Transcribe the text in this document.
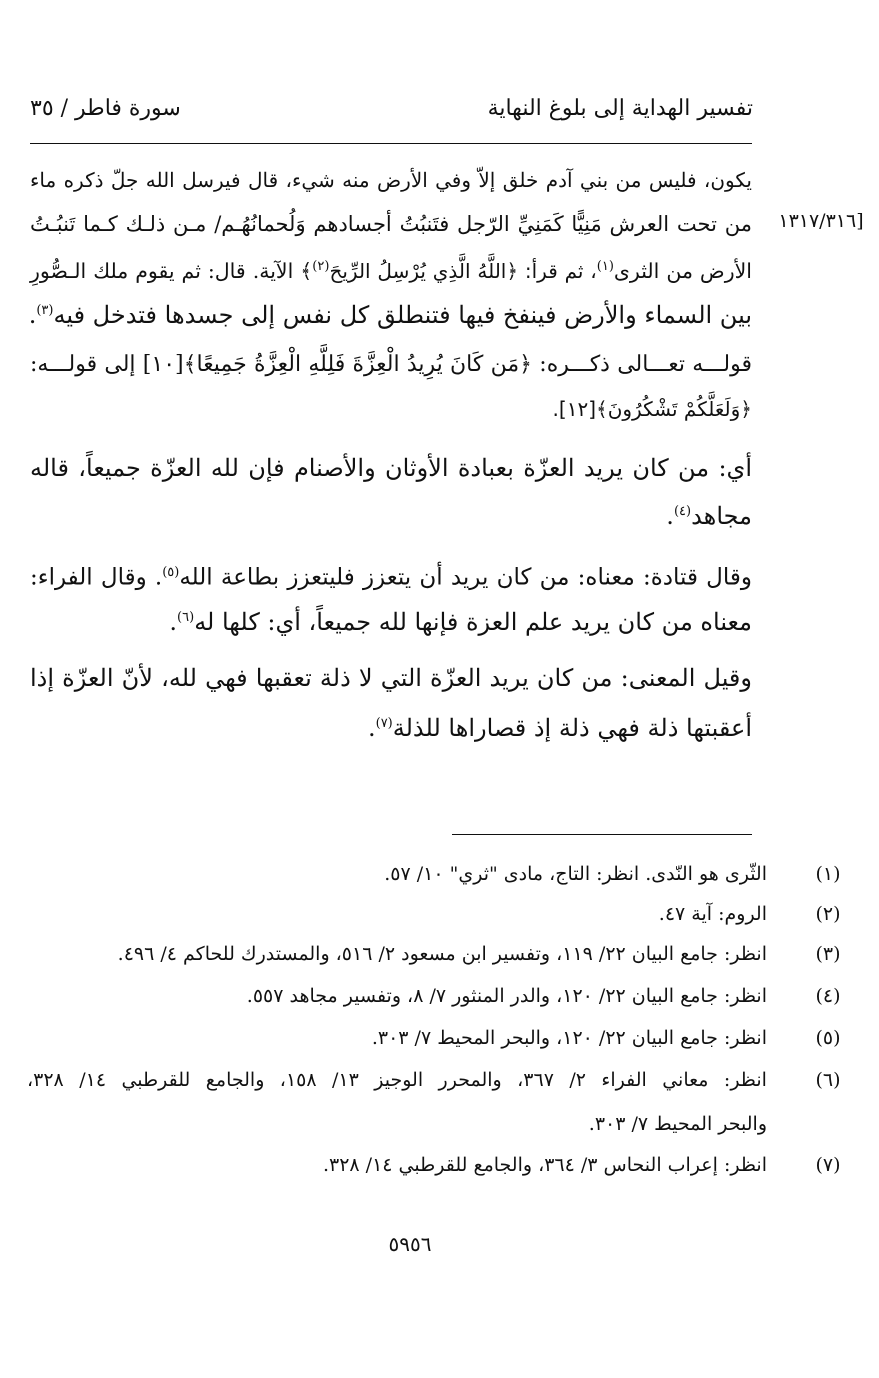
تفسير الهداية إلى بلوغ النهاية
سورة فاطر / ٣٥
[١٣١٧/٣١٦
يكون، فليس من بني آدم خلق إلاّ وفي الأرض منه شيء، قال فيرسل الله جلّ ذكره ماء
من تحت العرش مَنِيًّا كَمَنِيِّ الرّجل فتَنبُتُ أجسادهم وَلُحمانُهُـم/ مـن ذلـك كـما تَنبُـتُ
الأرض من الثرى$^{(١)}$، ثم قرأ: ﴿اللَّهُ الَّذِي يُرْسِلُ الرِّيحَ$^{(٢)}$﴾ الآية. قال: ثم يقوم ملك الـصُّورِ
بين السماء والأرض فينفخ فيها فتنطلق كل نفس إلى جسدها فتدخل فيه$^{(٣)}$.
قولـــه تعـــالى ذكـــره: ﴿مَن كَانَ يُرِيدُ الْعِزَّةَ فَلِلَّهِ الْعِزَّةُ جَمِيعًا﴾[١٠] إلى قولـــه:
﴿وَلَعَلَّكُمْ تَشْكُرُونَ﴾[١٢].
أي: من كان يريد العزّة بعبادة الأوثان والأصنام فإن لله العزّة جميعاً، قاله
مجاهد$^{(٤)}$.
وقال قتادة: معناه: من كان يريد أن يتعزز فليتعزز بطاعة الله$^{(٥)}$. وقال الفراء:
معناه من كان يريد علم العزة فإنها لله جميعاً، أي: كلها له$^{(٦)}$.
وقيل المعنى: من كان يريد العزّة التي لا ذلة تعقبها فهي لله، لأنّ العزّة إذا
أعقبتها ذلة فهي ذلة إذ قصاراها للذلة$^{(٧)}$.
(١)
الثّرى هو النّدى. انظر: التاج، مادى "ثري" ١٠/ ٥٧.
(٢)
الروم: آية ٤٧.
(٣)
انظر: جامع البيان ٢٢/ ١١٩، وتفسير ابن مسعود ٢/ ٥١٦، والمستدرك للحاكم ٤/ ٤٩٦.
(٤)
انظر: جامع البيان ٢٢/ ١٢٠، والدر المنثور ٧/ ٨، وتفسير مجاهد ٥٥٧.
(٥)
انظر: جامع البيان ٢٢/ ١٢٠، والبحر المحيط ٧/ ٣٠٣.
(٦)
انظر: معاني الفراء ٢/ ٣٦٧، والمحرر الوجيز ١٣/ ١٥٨، والجامع للقرطبي ١٤/ ٣٢٨،
والبحر المحيط ٧/ ٣٠٣.
(٧)
انظر: إعراب النحاس ٣/ ٣٦٤، والجامع للقرطبي ١٤/ ٣٢٨.
٥٩٥٦
